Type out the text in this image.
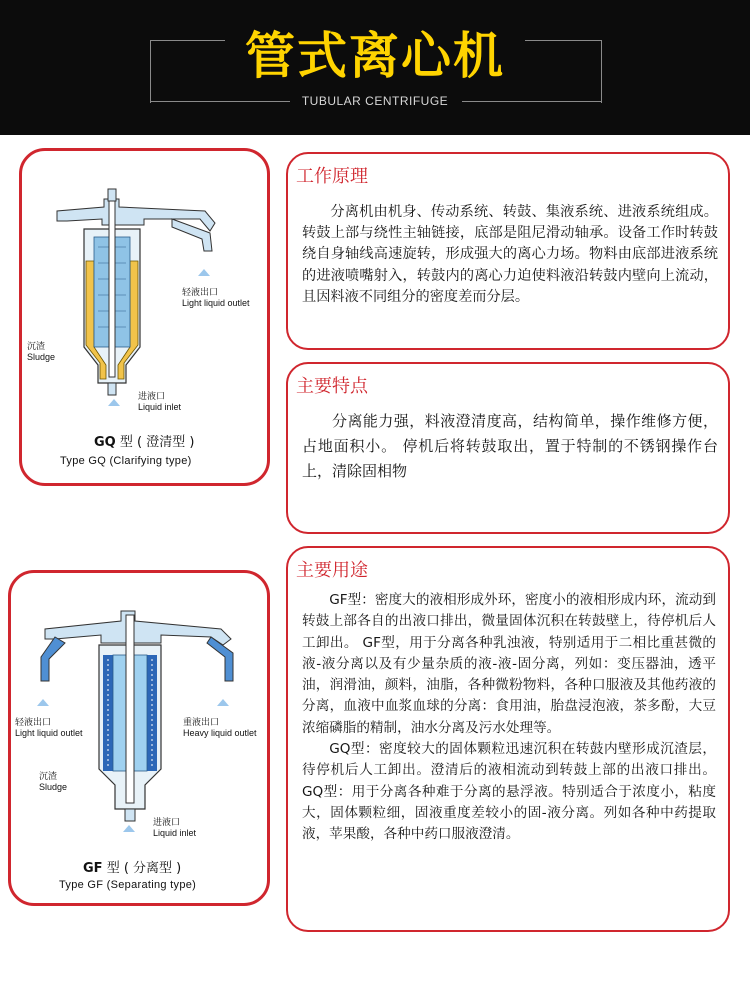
管式离心机
TUBULAR CENTRIFUGE
轻液出口
Light liquid outlet
沉渣
Sludge
进液口
Liquid inlet
GQ 型 ( 澄清型 )
Type GQ (Clarifying type)
工作原理

分离机由机身、传动系统、转鼓、集液系统、进液系统组成。转鼓上部与绕性主轴链接，底部是阻尼滑动轴承。设备工作时转鼓绕自身轴线高速旋转，形成强大的离心力场。物料由底部进液系统的进液喷嘴射入，转鼓内的离心力迫使料液沿转鼓内壁向上流动，且因料液不同组分的密度差而分层。

主要特点

分离能力强，料液澄清度高，结构简单，操作维修方便，占地面积小。 停机后将转鼓取出，置于特制的不锈钢操作台上，清除固相物

轻液出口
Light liquid outlet
重液出口
Heavy liquid outlet
沉渣
Sludge
进液口
Liquid inlet
GF 型 ( 分离型 )
Type GF (Separating type)
主要用途

GF型：密度大的液相形成外环，密度小的液相形成内环，流动到转鼓上部各自的出液口排出，微量固体沉积在转鼓壁上，待停机后人工卸出。 GF型，用于分离各种乳浊液，特别适用于二相比重甚微的液-液分离以及有少量杂质的液-液-固分离，列如：变压器油，透平油，润滑油，颜料，油脂，各种微粉物料，各种口服液及其他药液的分离，血液中血浆血球的分离：食用油，胎盘浸泡液，茶多酚，大豆浓缩磷脂的精制，油水分离及污水处理等。

GQ型：密度较大的固体颗粒迅速沉积在转鼓内壁形成沉渣层，待停机后人工卸出。澄清后的液相流动到转鼓上部的出液口排出。GQ型：用于分离各种难于分离的悬浮液。特别适合于浓度小，粘度大，固体颗粒细，固液重度差较小的固-液分离。列如各种中药提取液，苹果酸，各种中药口服液澄清。
